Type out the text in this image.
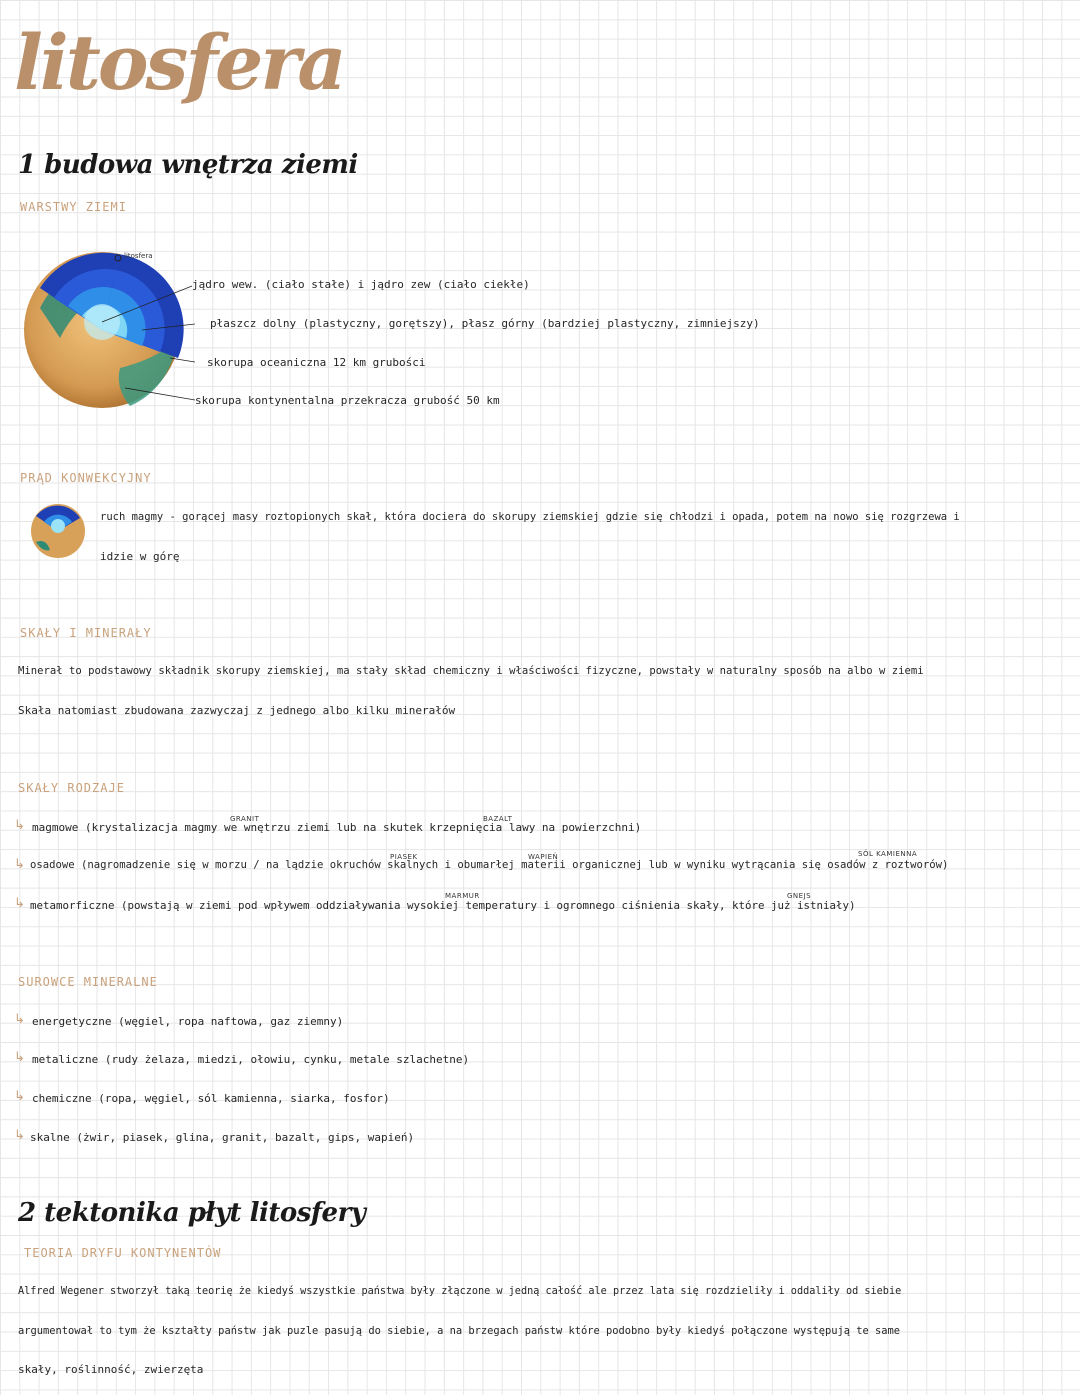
litosfera
1 budowa wnętrza ziemi
WARSTWY ZIEMI
litosfera
jądro wew. (ciało stałe) i jądro zew (ciało ciekłe)
płaszcz dolny (plastyczny, gorętszy), płasz górny (bardziej plastyczny, zimniejszy)
skorupa oceaniczna 12 km grubości
skorupa kontynentalna przekracza grubość 50 km
PRĄD KONWEKCYJNY
ruch magmy - gorącej masy roztopionych skał, która dociera do skorupy ziemskiej gdzie się chłodzi i opada, potem na nowo się rozgrzewa i
idzie w górę
SKAŁY I MINERAŁY
Minerał to podstawowy składnik skorupy ziemskiej, ma stały skład chemiczny i właściwości fizyczne, powstały w naturalny sposób na albo w ziemi
Skała natomiast zbudowana zazwyczaj z jednego albo kilku minerałów
SKAŁY RODZAJE
↳ magmowe (krystalizacja magmy we wnętrzu ziemi lub na skutek krzepnięcia lawy na powierzchni)
GRANIT	BAZALT
↳ osadowe (nagromadzenie się w morzu / na lądzie okruchów skalnych i obumarłej materii organicznej lub w wyniku wytrącania się osadów z roztworów)
PIASEK	WAPIEŃ	SÓL KAMIENNA
↳ metamorficzne (powstają w ziemi pod wpływem oddziaływania wysokiej temperatury i ogromnego ciśnienia skały, które już istniały)
MARMUR	GNEJS
SUROWCE MINERALNE
↳ energetyczne (węgiel, ropa naftowa, gaz ziemny)
↳ metaliczne (rudy żelaza, miedzi, ołowiu, cynku, metale szlachetne)
↳ chemiczne (ropa, węgiel, sól kamienna, siarka, fosfor)
↳ skalne (żwir, piasek, glina, granit, bazalt, gips, wapień)
2 tektonika płyt litosfery
TEORIA DRYFU KONTYNENTÓW
Alfred Wegener stworzył taką teorię że kiedyś wszystkie państwa były złączone w jedną całość ale przez lata się rozdzieliły i oddaliły od siebie
argumentował to tym że kształty państw jak puzle pasują do siebie, a na brzegach państw które podobno były kiedyś połączone występują te same
skały, roślinność, zwierzęta
